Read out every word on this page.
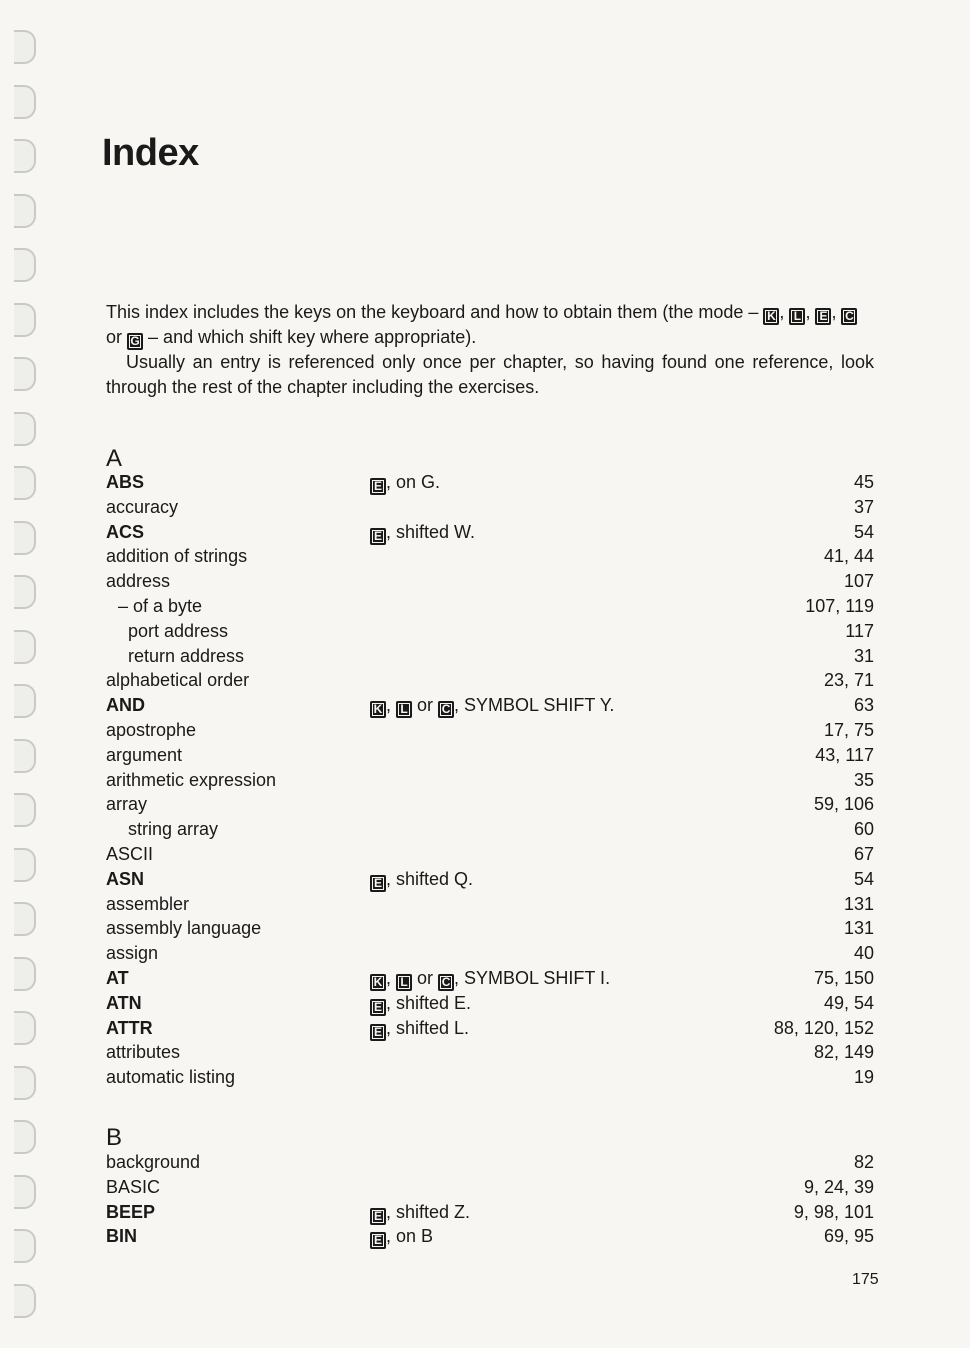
Index

This index includes the keys on the keyboard and how to obtain them (the mode – K , L , E , C or G – and which shift key where appropriate).

Usually an entry is referenced only once per chapter, so having found one reference, look through the rest of the chapter including the exercises.

A
ABS	E , on G.	45
accuracy	37
ACS	E , shifted W.	54
addition of strings	41, 44
address	107
– of a byte	107, 119
port address	117
return address	31
alphabetical order	23, 71
AND	K , L or C , SYMBOL SHIFT Y.	63
apostrophe	17, 75
argument	43, 117
arithmetic expression	35
array	59, 106
string array	60
ASCII	67
ASN	E , shifted Q.	54
assembler	131
assembly language	131
assign	40
AT	K , L or C , SYMBOL SHIFT I.	75, 150
ATN	E , shifted E.	49, 54
ATTR	E , shifted L.	88, 120, 152
attributes	82, 149
automatic listing	19
B
background	82
BASIC	9, 24, 39
BEEP	E , shifted Z.	9, 98, 101
BIN	E , on B	69, 95
175
